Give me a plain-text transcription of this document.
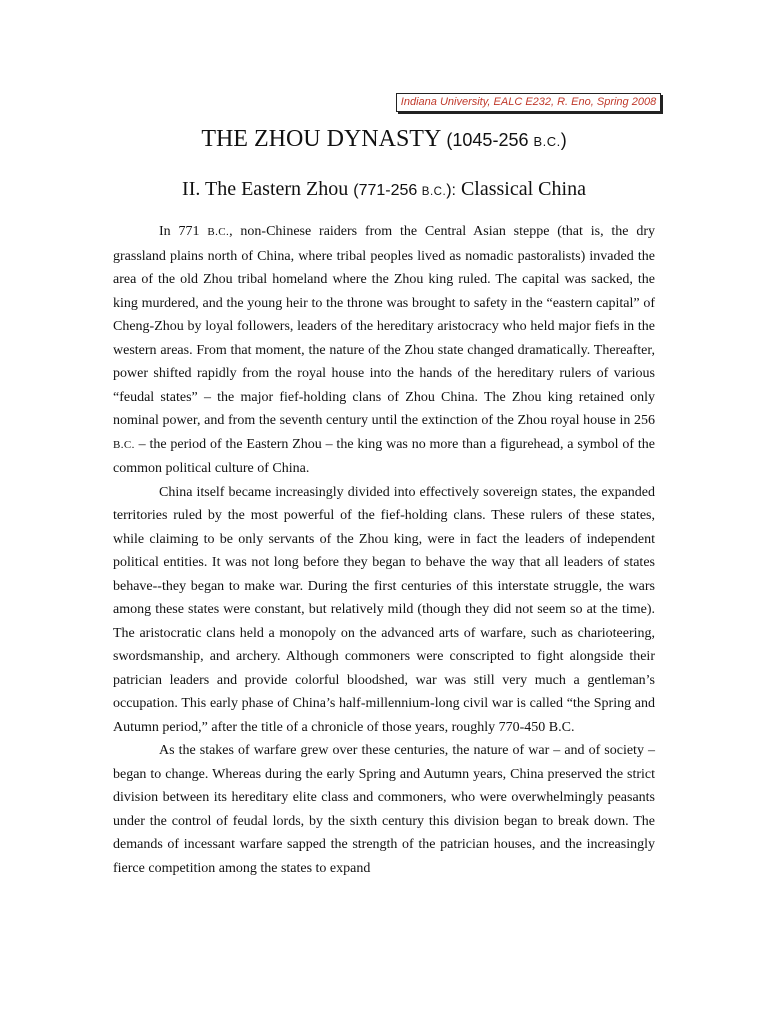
Indiana University, EALC E232, R. Eno, Spring 2008
THE ZHOU DYNASTY (1045-256 B.C.)
II. The Eastern Zhou (771-256 B.C.): Classical China

In 771 B.C., non-Chinese raiders from the Central Asian steppe (that is, the dry grassland plains north of China, where tribal peoples lived as nomadic pastoralists) invaded the area of the old Zhou tribal homeland where the Zhou king ruled. The capital was sacked, the king murdered, and the young heir to the throne was brought to safety in the “eastern capital” of Cheng-Zhou by loyal followers, leaders of the hereditary aristocracy who held major fiefs in the western areas. From that moment, the nature of the Zhou state changed dramatically. Thereafter, power shifted rapidly from the royal house into the hands of the hereditary rulers of various “feudal states” – the major fief-holding clans of Zhou China. The Zhou king retained only nominal power, and from the seventh century until the extinction of the Zhou royal house in 256 B.C. – the period of the Eastern Zhou – the king was no more than a figurehead, a symbol of the common political culture of China.

China itself became increasingly divided into effectively sovereign states, the expanded territories ruled by the most powerful of the fief-holding clans. These rulers of these states, while claiming to be only servants of the Zhou king, were in fact the leaders of independent political entities. It was not long before they began to behave the way that all leaders of states behave--they began to make war. During the first centuries of this interstate struggle, the wars among these states were constant, but relatively mild (though they did not seem so at the time). The aristocratic clans held a monopoly on the advanced arts of warfare, such as charioteering, swordsmanship, and archery. Although commoners were conscripted to fight alongside their patrician leaders and provide colorful bloodshed, war was still very much a gentleman’s occupation. This early phase of China’s half-millennium-long civil war is called “the Spring and Autumn period,” after the title of a chronicle of those years, roughly 770-450 B.C.

As the stakes of warfare grew over these centuries, the nature of war – and of society – began to change. Whereas during the early Spring and Autumn years, China preserved the strict division between its hereditary elite class and commoners, who were overwhelmingly peasants under the control of feudal lords, by the sixth century this division began to break down. The demands of incessant warfare sapped the strength of the patrician houses, and the increasingly fierce competition among the states to expand
